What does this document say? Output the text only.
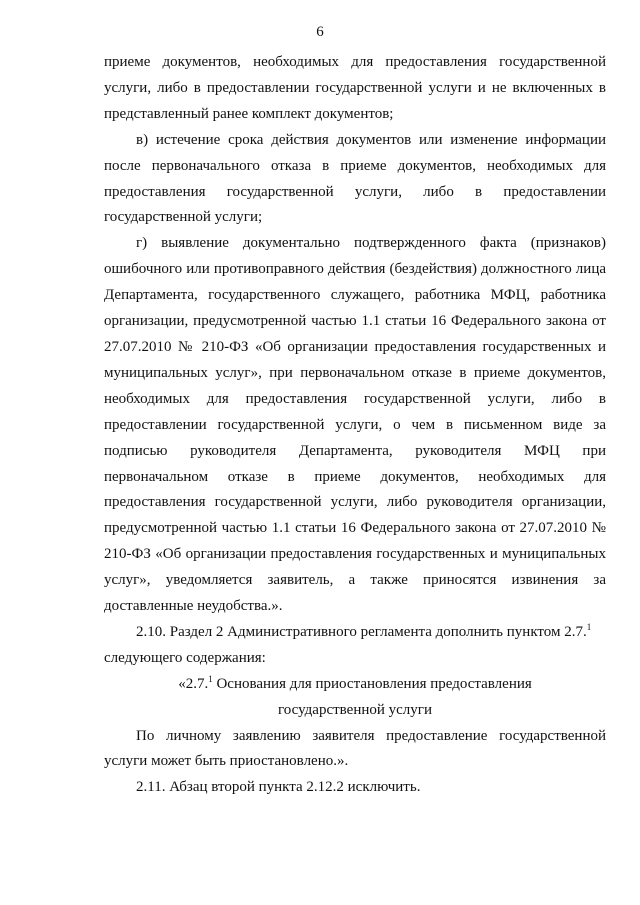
6

приеме документов, необходимых для предоставления государственной услуги, либо в предоставлении государственной услуги и не включенных в представленный ранее комплект документов;

в) истечение срока действия документов или изменение информации после первоначального отказа в приеме документов, необходимых для предоставления государственной услуги, либо в предоставлении государственной услуги;

г) выявление документально подтвержденного факта (признаков) ошибочного или противоправного действия (бездействия) должностного лица Департамента, государственного служащего, работника МФЦ, работника организации, предусмотренной частью 1.1 статьи 16 Федерального закона от 27.07.2010 № 210-ФЗ «Об организации предоставления государственных и муниципальных услуг», при первоначальном отказе в приеме документов, необходимых для предоставления государственной услуги, либо в предоставлении государственной услуги, о чем в письменном виде за подписью руководителя Департамента, руководителя МФЦ при первоначальном отказе в приеме документов, необходимых для предоставления государственной услуги, либо руководителя организации, предусмотренной частью 1.1 статьи 16 Федерального закона от 27.07.2010 № 210-ФЗ «Об организации предоставления государственных и муниципальных услуг», уведомляется заявитель, а также приносятся извинения за доставленные неудобства.».

2.10. Раздел 2 Административного регламента дополнить пунктом 2.7.$^1$
следующего содержания:

«2.7.$^1$ Основания для приостановления предоставления
государственной услуги

По личному заявлению заявителя предоставление государственной услуги может быть приостановлено.».

2.11. Абзац второй пункта 2.12.2 исключить.
